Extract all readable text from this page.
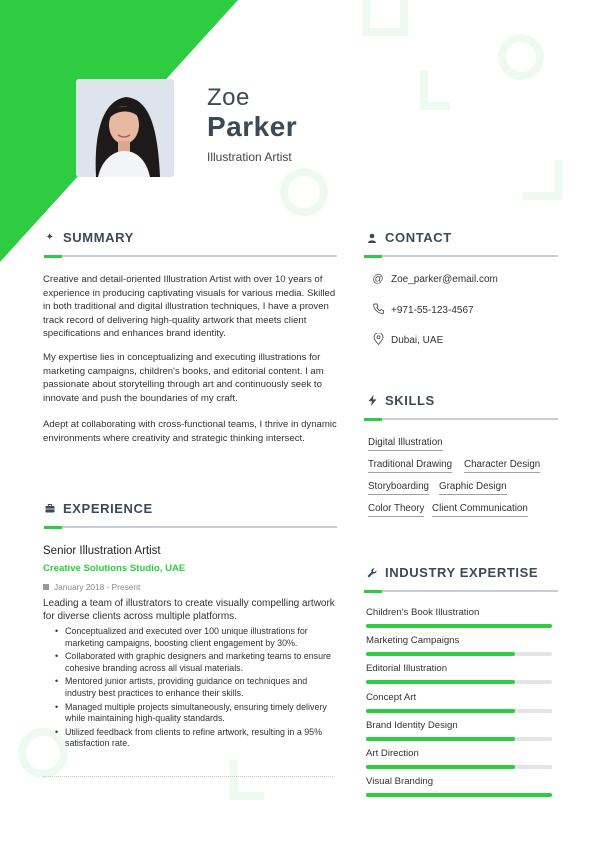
Zoe
Parker
Illustration Artist
✦ SUMMARY

Creative and detail-oriented Illustration Artist with over 10 years of experience in producing captivating visuals for various media. Skilled in both traditional and digital illustration techniques, I have a proven track record of delivering high-quality artwork that meets client specifications and enhances brand identity.

My expertise lies in conceptualizing and executing illustrations for marketing campaigns, children's books, and editorial content. I am passionate about storytelling through art and continuously seek to innovate and push the boundaries of my craft.

Adept at collaborating with cross-functional teams, I thrive in dynamic environments where creativity and strategic thinking intersect.

CONTACT
@ Zoe_parker@email.com
+971-55-123-4567
Dubai, UAE
SKILLS
Digital Illustration
Traditional Drawing Character Design
Storyboarding Graphic Design
Color Theory Client Communication
EXPERIENCE
Senior Illustration Artist
Creative Solutions Studio, UAE
January 2018 - Present
Leading a team of illustrators to create visually compelling artwork for diverse clients across multiple platforms.
• Conceptualized and executed over 100 unique illustrations for marketing campaigns, boosting client engagement by 30%.
• Collaborated with graphic designers and marketing teams to ensure cohesive branding across all visual materials.
• Mentored junior artists, providing guidance on techniques and industry best practices to enhance their skills.
• Managed multiple projects simultaneously, ensuring timely delivery while maintaining high-quality standards.
• Utilized feedback from clients to refine artwork, resulting in a 95% satisfaction rate.
INDUSTRY EXPERTISE
Children's Book Illustration
Marketing Campaigns
Editorial Illustration
Concept Art
Brand Identity Design
Art Direction
Visual Branding
